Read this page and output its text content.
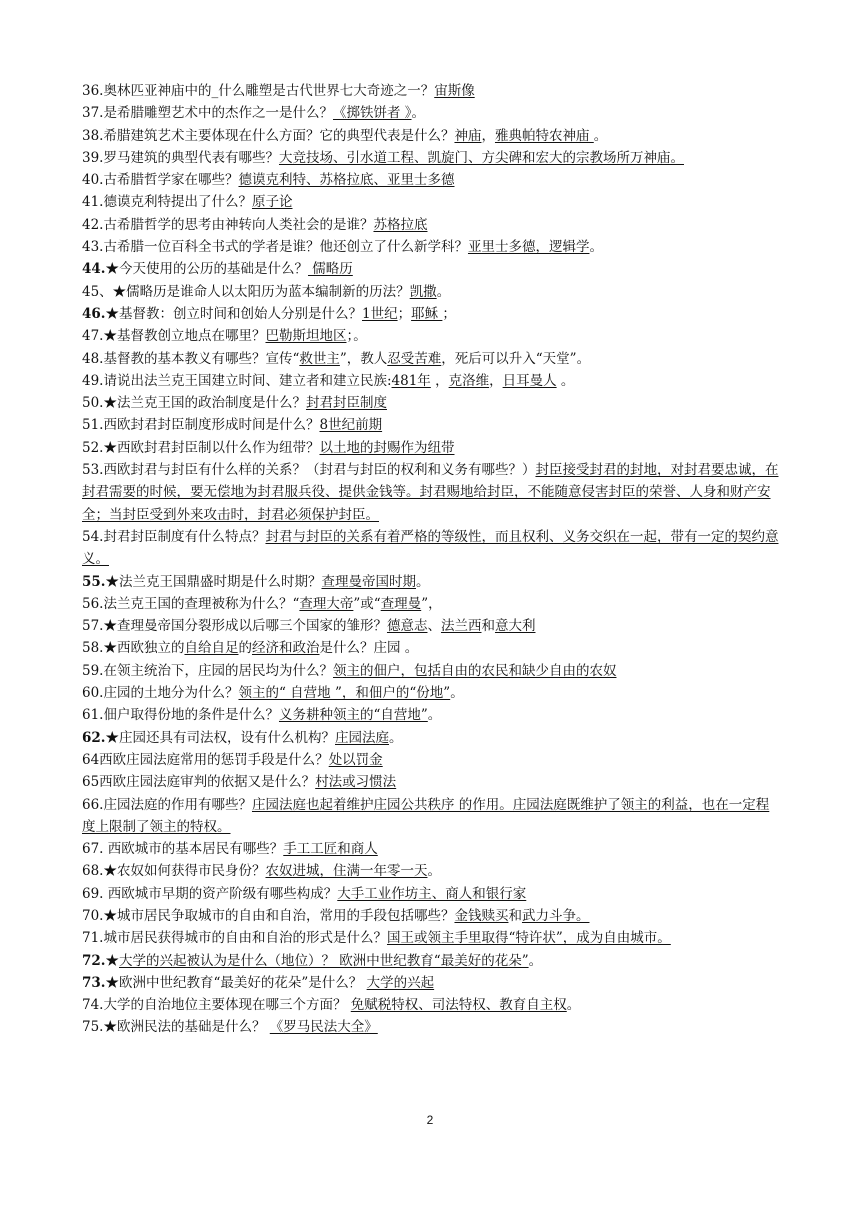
36.奥林匹亚神庙中的_什么雕塑是古代世界七大奇迹之一？宙斯像

37.是希腊雕塑艺术中的杰作之一是什么？《掷铁饼者 》。

38.希腊建筑艺术主要体现在什么方面？它的典型代表是什么？神庙，雅典帕特农神庙 。

39.罗马建筑的典型代表有哪些？大竞技场、引水道工程、凯旋门、方尖碑和宏大的宗教场所万神庙。

40.古希腊哲学家在哪些？德谟克利特、苏格拉底、亚里士多德

41.德谟克利特提出了什么？原子论

42.古希腊哲学的思考由神转向人类社会的是谁？苏格拉底

43.古希腊一位百科全书式的学者是谁？他还创立了什么新学科？亚里士多德，逻辑学。

44.★今天使用的公历的基础是什么？ 儒略历

45、★儒略历是谁命人以太阳历为蓝本编制新的历法？凯撒。

46.★基督教：创立时间和创始人分别是什么？1世纪；耶稣 ；

47.★基督教创立地点在哪里？巴勒斯坦地区；。

48.基督教的基本教义有哪些？宣传“救世主”，教人忍受苦难，死后可以升入“天堂”。

49.请说出法兰克王国建立时间、建立者和建立民族:481年 ，克洛维，日耳曼人 。

50.★法兰克王国的政治制度是什么？封君封臣制度

51.西欧封君封臣制度形成时间是什么？8世纪前期

52.★西欧封君封臣制以什么作为纽带？以土地的封赐作为纽带

53.西欧封君与封臣有什么样的关系？（封君与封臣的权利和义务有哪些？）封臣接受封君的封地，对封君要忠诚，在封君需要的时候，要无偿地为封君服兵役、提供金钱等。封君赐地给封臣，不能随意侵害封臣的荣誉、人身和财产安全；当封臣受到外来攻击时，封君必须保护封臣。

54.封君封臣制度有什么特点？封君与封臣的关系有着严格的等级性，而且权利、义务交织在一起，带有一定的契约意义。

55.★法兰克王国鼎盛时期是什么时期？查理曼帝国时期。

56.法兰克王国的查理被称为什么？“查理大帝”或“查理曼”，

57.★查理曼帝国分裂形成以后哪三个国家的雏形？德意志、法兰西和意大利

58.★西欧独立的自给自足的经济和政治是什么？庄园 。

59.在领主统治下，庄园的居民均为什么？领主的佃户，包括自由的农民和缺少自由的农奴

60.庄园的土地分为什么？领主的“ 自营地 ”，和佃户的“份地”。

61.佃户取得份地的条件是什么？义务耕种领主的“自营地”。

62.★庄园还具有司法权，设有什么机构？庄园法庭。

64西欧庄园法庭常用的惩罚手段是什么？处以罚金

65西欧庄园法庭审判的依据又是什么？村法或习惯法

66.庄园法庭的作用有哪些？庄园法庭也起着维护庄园公共秩序 的作用。庄园法庭既维护了领主的利益，也在一定程度上限制了领主的特权。

67. 西欧城市的基本居民有哪些？手工工匠和商人

68.★农奴如何获得市民身份？农奴进城，住满一年零一天。

69. 西欧城市早期的资产阶级有哪些构成？大手工业作坊主、商人和银行家

70.★城市居民争取城市的自由和自治，常用的手段包括哪些？金钱赎买和武力斗争。

71.城市居民获得城市的自由和自治的形式是什么？国王或领主手里取得“特许状”，成为自由城市。

72.★大学的兴起被认为是什么（地位）？ 欧洲中世纪教育“最美好的花朵”。

73.★欧洲中世纪教育“最美好的花朵”是什么？ 大学的兴起

74.大学的自治地位主要体现在哪三个方面？ 免赋税特权、司法特权、教育自主权。

75.★欧洲民法的基础是什么？ 《罗马民法大全》

2
